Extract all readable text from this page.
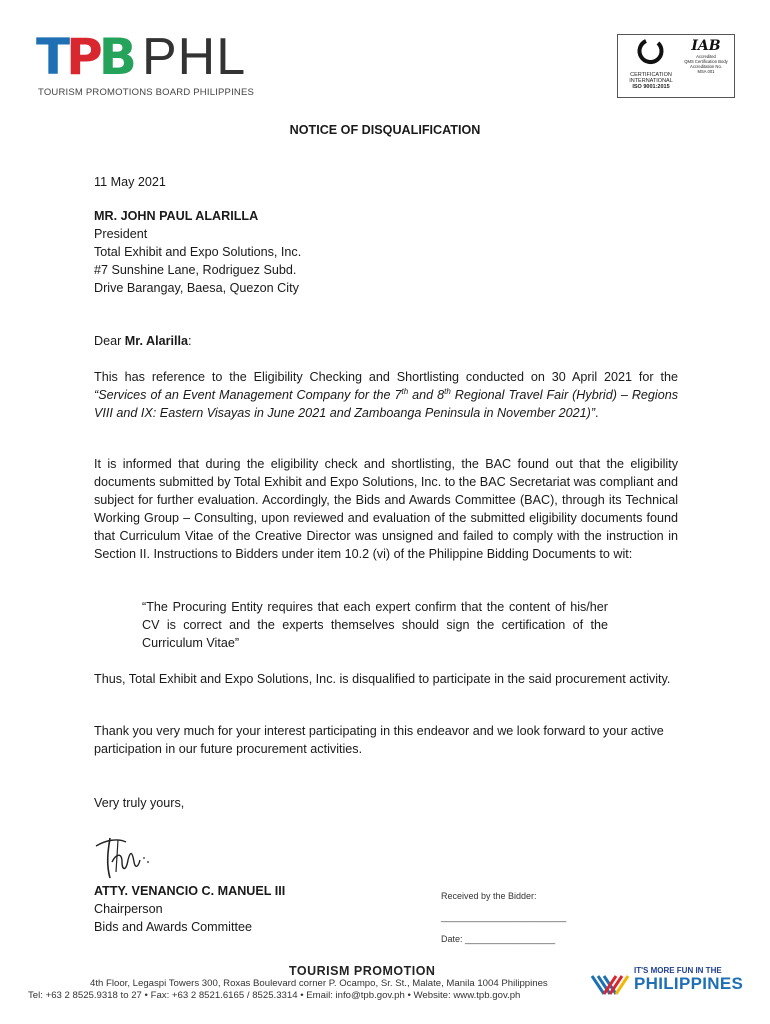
TPB PHL
TOURISM PROMOTIONS BOARD PHILIPPINES
CERTIFICATION
INTERNATIONAL
ISO 9001:2015
IAB
Accredited
QMS Certification Body
Accreditation No.
MSA 001
NOTICE OF DISQUALIFICATION
11 May 2021
MR. JOHN PAUL ALARILLA
President
Total Exhibit and Expo Solutions, Inc.
#7 Sunshine Lane, Rodriguez Subd.
Drive Barangay, Baesa, Quezon City
Dear Mr. Alarilla:
This has reference to the Eligibility Checking and Shortlisting conducted on 30 April 2021 for the “Services of an Event Management Company for the 7th and 8th Regional Travel Fair (Hybrid) – Regions VIII and IX: Eastern Visayas in June 2021 and Zamboanga Peninsula in November 2021)”.
It is informed that during the eligibility check and shortlisting, the BAC found out that the eligibility documents submitted by Total Exhibit and Expo Solutions, Inc. to the BAC Secretariat was compliant and subject for further evaluation. Accordingly, the Bids and Awards Committee (BAC), through its Technical Working Group – Consulting, upon reviewed and evaluation of the submitted eligibility documents found that Curriculum Vitae of the Creative Director was unsigned and failed to comply with the instruction in Section II. Instructions to Bidders under item 10.2 (vi) of the Philippine Bidding Documents to wit:
“The Procuring Entity requires that each expert confirm that the content of his/her CV is correct and the experts themselves should sign the certification of the Curriculum Vitae”
Thus, Total Exhibit and Expo Solutions, Inc. is disqualified to participate in the said procurement activity.
Thank you very much for your interest participating in this endeavor and we look forward to your active participation in our future procurement activities.
Very truly yours,
ATTY. VENANCIO C. MANUEL III
Chairperson
Bids and Awards Committee
Received by the Bidder:
_________________________
Date: __________________
TOURISM PROMOTION
4th Floor, Legaspi Towers 300, Roxas Boulevard corner P. Ocampo, Sr. St., Malate, Manila 1004 Philippines
Tel: +63 2 8525.9318 to 27 • Fax: +63 2 8521.6165 / 8525.3314 • Email: info@tpb.gov.ph • Website: www.tpb.gov.ph
IT'S MORE FUN IN THE
PHILIPPINES
